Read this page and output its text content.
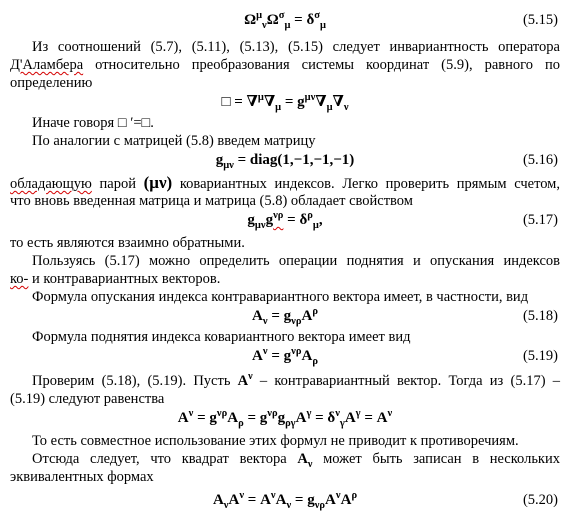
$\Omega^\mu_\nu\Omega^\sigma_\mu = \delta^\sigma_\mu$	(5.15)
Из соотношений (5.7), (5.11), (5.13), (5.15) следует инвариантность оператора
Д'Аламбера относительно преобразования системы координат (5.9), равного по
определению
□ = $\nabla^\mu\nabla_\mu = g^{\mu\nu}\nabla_\mu\nabla_\nu$
Иначе говоря □ ′=□.
По аналогии с матрицей (5.8) введем матрицу
$g_{\mu\nu}$ = diag(1,−1,−1,−1)	(5.16)
обладающую парой (μν) ковариантных индексов. Легко проверить прямым счетом,
что вновь введенная матрица и матрица (5.8) обладает свойством
$g_{\mu\nu}g^{\nu\rho} = \delta^\rho_\mu$,	(5.17)
то есть являются взаимно обратными.
Пользуясь (5.17) можно определить операции поднятия и опускания индексов
ко- и контравариантных векторов.
Формула опускания индекса контравариантного вектора имеет, в частности, вид
$A_\nu = g_{\nu\rho}A^\rho$	(5.18)
Формула поднятия индекса ковариантного вектора имеет вид
$A^\nu = g^{\nu\rho}A_\rho$	(5.19)
Проверим (5.18), (5.19). Пусть $A^\nu$ – контравариантный вектор. Тогда из (5.17) –
(5.19) следуют равенства
$A^\nu = g^{\nu\rho}A_\rho = g^{\nu\rho}g_{\rho\gamma}A^\gamma = \delta^\nu_\gamma A^\gamma = A^\nu$
То есть совместное использование этих формул не приводит к противоречиям.
Отсюда следует, что квадрат вектора $A_\nu$ может быть записан в нескольких
эквивалентных формах
$A_\nu A^\nu = A^\nu A_\nu = g_{\nu\rho}A^\nu A^\rho$	(5.20)
